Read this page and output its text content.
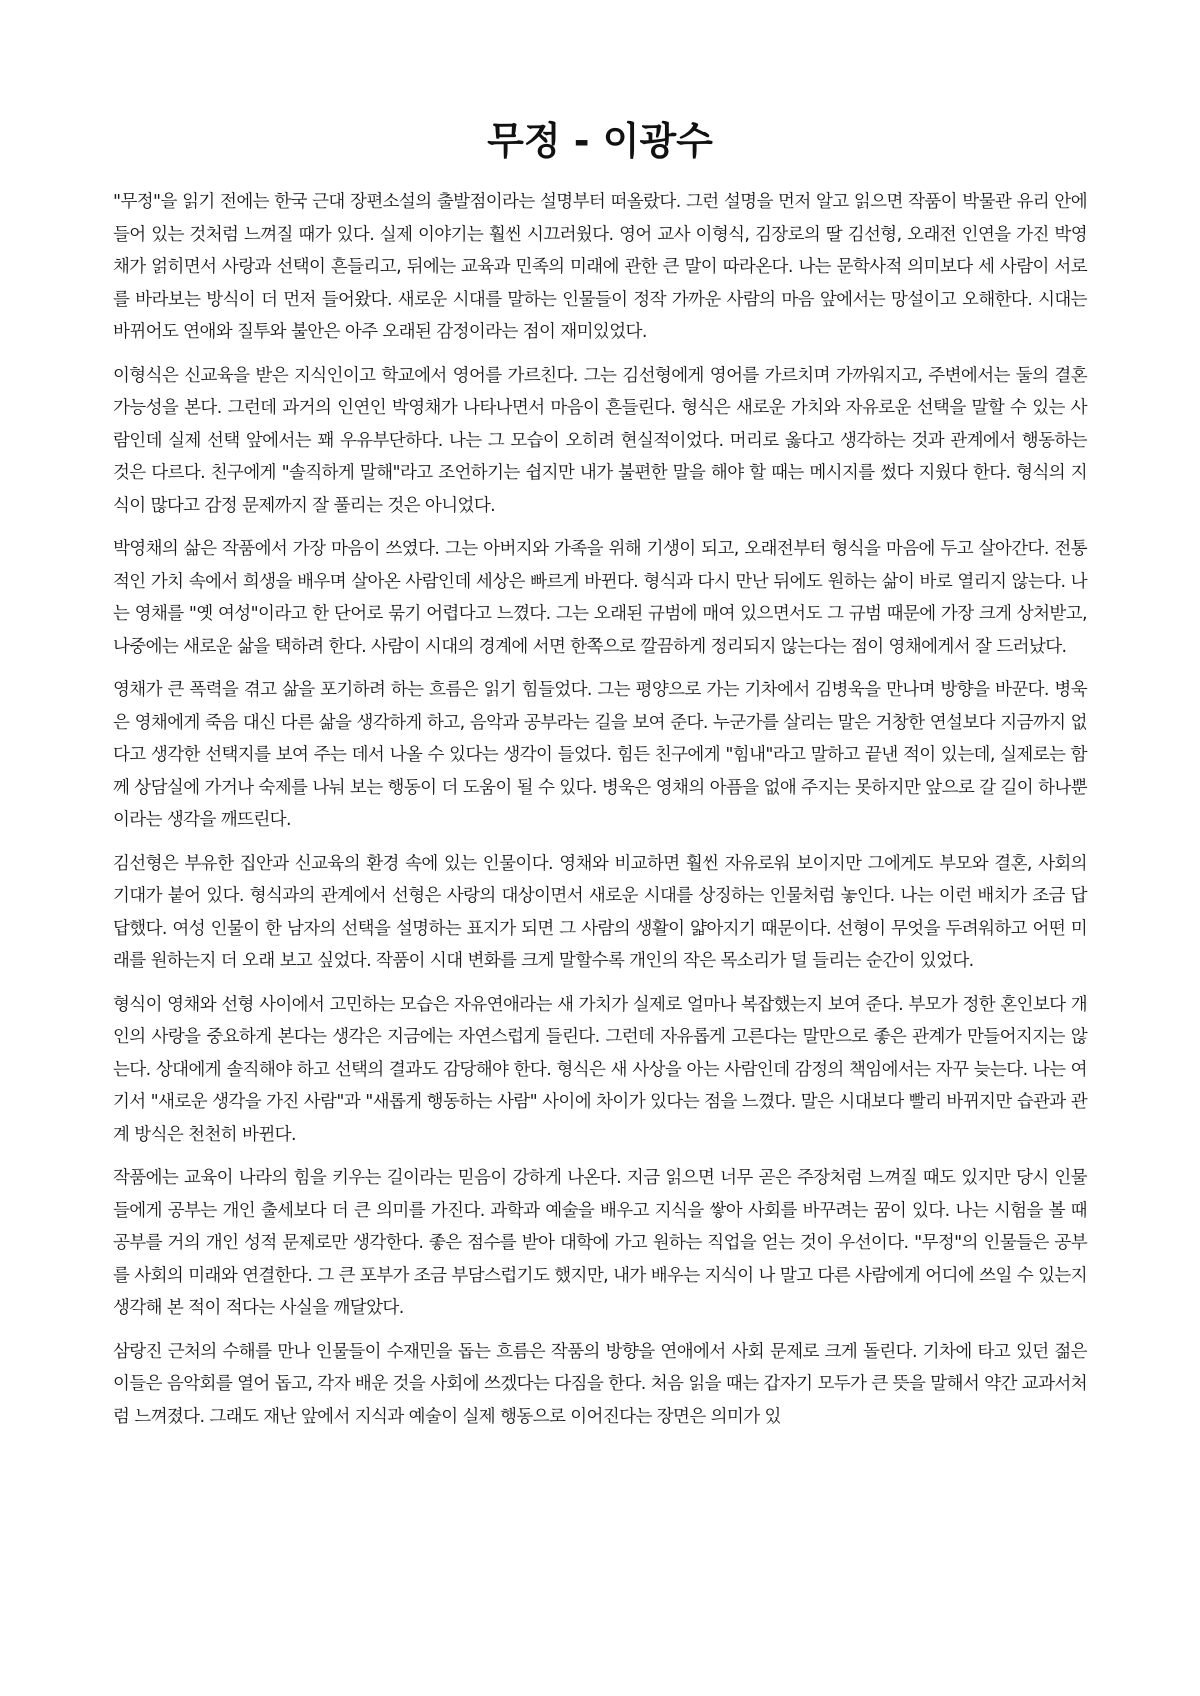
무정 - 이광수

"무정"을 읽기 전에는 한국 근대 장편소설의 출발점이라는 설명부터 떠올랐다. 그런 설명을 먼저 알고 읽으면 작품이 박물관 유리 안에 들어 있는 것처럼 느껴질 때가 있다. 실제 이야기는 훨씬 시끄러웠다. 영어 교사 이형식, 김장로의 딸 김선형, 오래전 인연을 가진 박영채가 얽히면서 사랑과 선택이 흔들리고, 뒤에는 교육과 민족의 미래에 관한 큰 말이 따라온다. 나는 문학사적 의미보다 세 사람이 서로를 바라보는 방식이 더 먼저 들어왔다. 새로운 시대를 말하는 인물들이 정작 가까운 사람의 마음 앞에서는 망설이고 오해한다. 시대는 바뀌어도 연애와 질투와 불안은 아주 오래된 감정이라는 점이 재미있었다.

이형식은 신교육을 받은 지식인이고 학교에서 영어를 가르친다. 그는 김선형에게 영어를 가르치며 가까워지고, 주변에서는 둘의 결혼 가능성을 본다. 그런데 과거의 인연인 박영채가 나타나면서 마음이 흔들린다. 형식은 새로운 가치와 자유로운 선택을 말할 수 있는 사람인데 실제 선택 앞에서는 꽤 우유부단하다. 나는 그 모습이 오히려 현실적이었다. 머리로 옳다고 생각하는 것과 관계에서 행동하는 것은 다르다. 친구에게 "솔직하게 말해"라고 조언하기는 쉽지만 내가 불편한 말을 해야 할 때는 메시지를 썼다 지웠다 한다. 형식의 지식이 많다고 감정 문제까지 잘 풀리는 것은 아니었다.

박영채의 삶은 작품에서 가장 마음이 쓰였다. 그는 아버지와 가족을 위해 기생이 되고, 오래전부터 형식을 마음에 두고 살아간다. 전통적인 가치 속에서 희생을 배우며 살아온 사람인데 세상은 빠르게 바뀐다. 형식과 다시 만난 뒤에도 원하는 삶이 바로 열리지 않는다. 나는 영채를 "옛 여성"이라고 한 단어로 묶기 어렵다고 느꼈다. 그는 오래된 규범에 매여 있으면서도 그 규범 때문에 가장 크게 상처받고, 나중에는 새로운 삶을 택하려 한다. 사람이 시대의 경계에 서면 한쪽으로 깔끔하게 정리되지 않는다는 점이 영채에게서 잘 드러났다.

영채가 큰 폭력을 겪고 삶을 포기하려 하는 흐름은 읽기 힘들었다. 그는 평양으로 가는 기차에서 김병욱을 만나며 방향을 바꾼다. 병욱은 영채에게 죽음 대신 다른 삶을 생각하게 하고, 음악과 공부라는 길을 보여 준다. 누군가를 살리는 말은 거창한 연설보다 지금까지 없다고 생각한 선택지를 보여 주는 데서 나올 수 있다는 생각이 들었다. 힘든 친구에게 "힘내"라고 말하고 끝낸 적이 있는데, 실제로는 함께 상담실에 가거나 숙제를 나눠 보는 행동이 더 도움이 될 수 있다. 병욱은 영채의 아픔을 없애 주지는 못하지만 앞으로 갈 길이 하나뿐이라는 생각을 깨뜨린다.

김선형은 부유한 집안과 신교육의 환경 속에 있는 인물이다. 영채와 비교하면 훨씬 자유로워 보이지만 그에게도 부모와 결혼, 사회의 기대가 붙어 있다. 형식과의 관계에서 선형은 사랑의 대상이면서 새로운 시대를 상징하는 인물처럼 놓인다. 나는 이런 배치가 조금 답답했다. 여성 인물이 한 남자의 선택을 설명하는 표지가 되면 그 사람의 생활이 얇아지기 때문이다. 선형이 무엇을 두려워하고 어떤 미래를 원하는지 더 오래 보고 싶었다. 작품이 시대 변화를 크게 말할수록 개인의 작은 목소리가 덜 들리는 순간이 있었다.

형식이 영채와 선형 사이에서 고민하는 모습은 자유연애라는 새 가치가 실제로 얼마나 복잡했는지 보여 준다. 부모가 정한 혼인보다 개인의 사랑을 중요하게 본다는 생각은 지금에는 자연스럽게 들린다. 그런데 자유롭게 고른다는 말만으로 좋은 관계가 만들어지지는 않는다. 상대에게 솔직해야 하고 선택의 결과도 감당해야 한다. 형식은 새 사상을 아는 사람인데 감정의 책임에서는 자꾸 늦는다. 나는 여기서 "새로운 생각을 가진 사람"과 "새롭게 행동하는 사람" 사이에 차이가 있다는 점을 느꼈다. 말은 시대보다 빨리 바뀌지만 습관과 관계 방식은 천천히 바뀐다.

작품에는 교육이 나라의 힘을 키우는 길이라는 믿음이 강하게 나온다. 지금 읽으면 너무 곧은 주장처럼 느껴질 때도 있지만 당시 인물들에게 공부는 개인 출세보다 더 큰 의미를 가진다. 과학과 예술을 배우고 지식을 쌓아 사회를 바꾸려는 꿈이 있다. 나는 시험을 볼 때 공부를 거의 개인 성적 문제로만 생각한다. 좋은 점수를 받아 대학에 가고 원하는 직업을 얻는 것이 우선이다. "무정"의 인물들은 공부를 사회의 미래와 연결한다. 그 큰 포부가 조금 부담스럽기도 했지만, 내가 배우는 지식이 나 말고 다른 사람에게 어디에 쓰일 수 있는지 생각해 본 적이 적다는 사실을 깨달았다.

삼랑진 근처의 수해를 만나 인물들이 수재민을 돕는 흐름은 작품의 방향을 연애에서 사회 문제로 크게 돌린다. 기차에 타고 있던 젊은이들은 음악회를 열어 돕고, 각자 배운 것을 사회에 쓰겠다는 다짐을 한다. 처음 읽을 때는 갑자기 모두가 큰 뜻을 말해서 약간 교과서처럼 느껴졌다. 그래도 재난 앞에서 지식과 예술이 실제 행동으로 이어진다는 장면은 의미가 있
